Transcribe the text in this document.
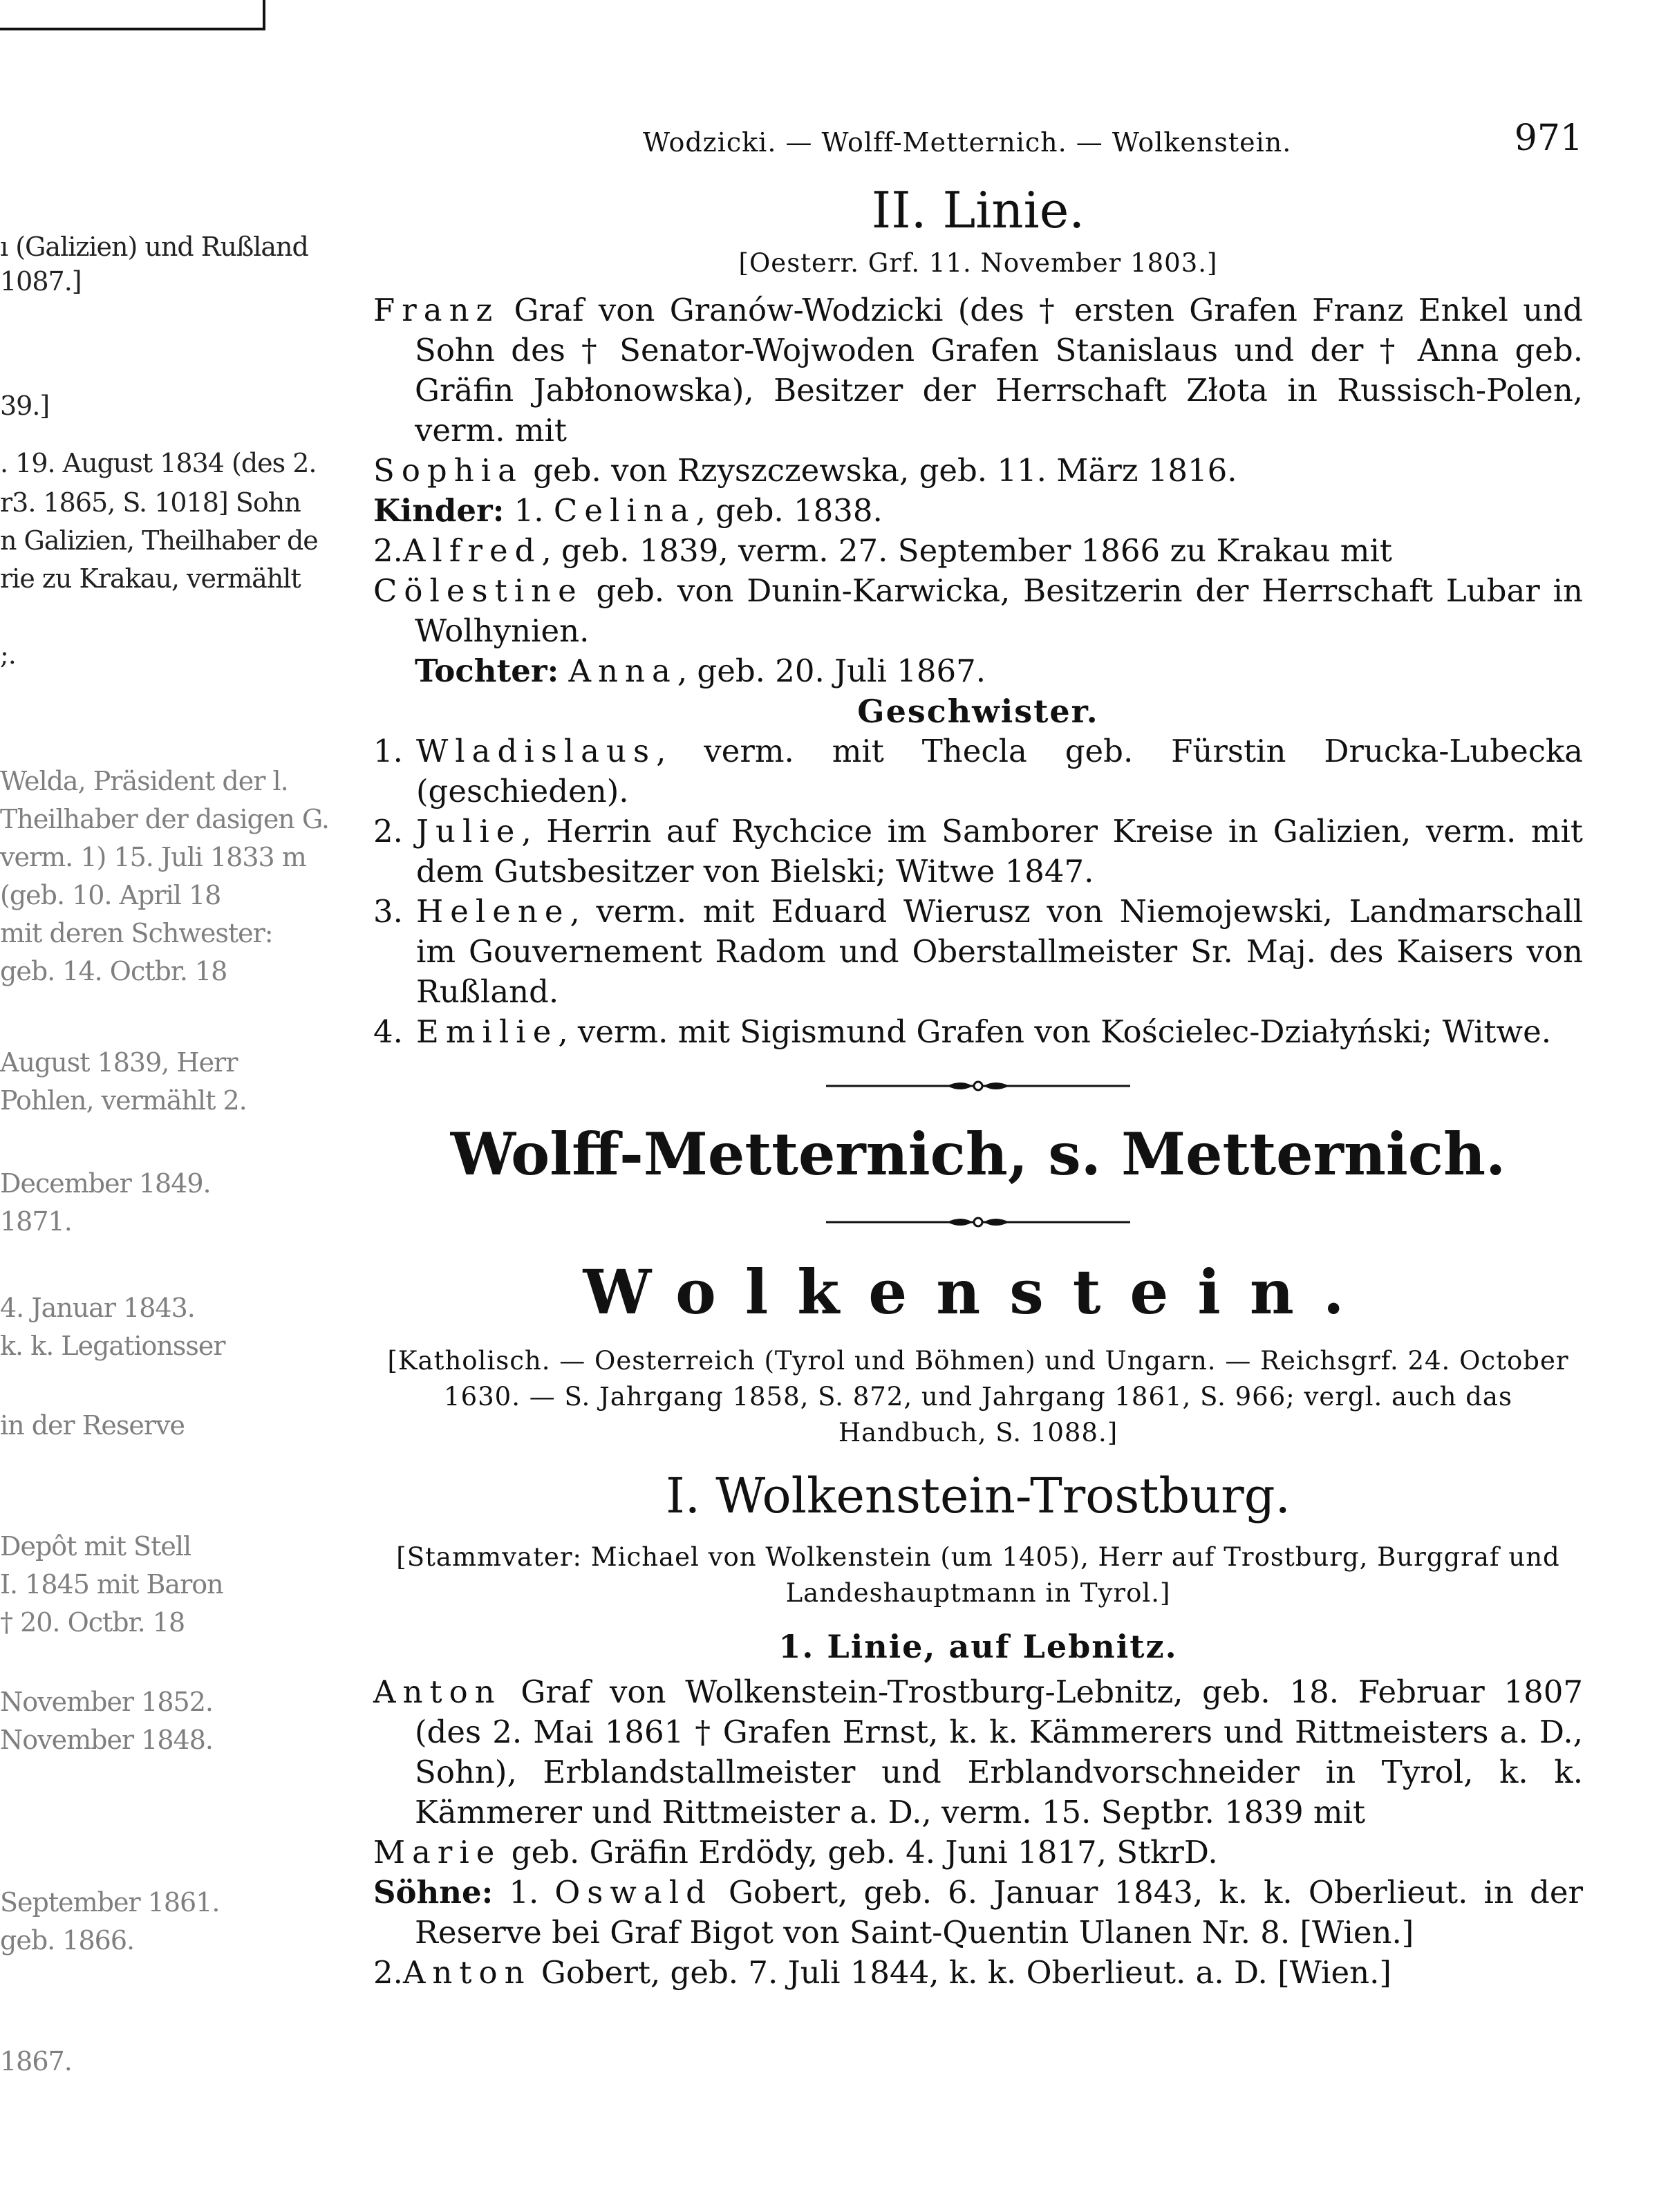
ı (Galizien) und Rußland
1087.]
39.]
. 19. August 1834 (des 2.
r3. 1865, S. 1018] Sohn
n Galizien, Theilhaber de
rie zu Krakau, vermählt
;.
Welda, Präsident der l.
Theilhaber der dasigen G.
verm. 1) 15. Juli 1833 m
(geb. 10. April 18
mit deren Schwester:
geb. 14. Octbr. 18
August 1839, Herr
Pohlen, vermählt 2.
December 1849.
1871.
4. Januar 1843.
k. k. Legationsser
in der Reserve
Depôt mit Stell
I. 1845 mit Baron
† 20. Octbr. 18
November 1852.
November 1848.
September 1861.
geb. 1866.
1867.
Wodzicki. — Wolff-Metternich. — Wolkenstein.	971
II. Linie.
[Oesterr. Grf. 11. November 1803.]

Franz Graf von Granów-Wodzicki (des † ersten Grafen Franz Enkel und Sohn des † Senator-Wojwoden Grafen Stanislaus und der † Anna geb. Gräfin Jabłonowska), Besitzer der Herrschaft Złota in Russisch-Polen, verm. mit

Sophia geb. von Rzyszczewska, geb. 11. März 1816.

Kinder: 1. Celina, geb. 1838.

2.Alfred, geb. 1839, verm. 27. September 1866 zu Krakau mit

Cölestine geb. von Dunin-Karwicka, Besitzerin der Herrschaft Lubar in Wolhynien.

Tochter: Anna, geb. 20. Juli 1867.

Geschwister.
1. Wladislaus, verm. mit Thecla geb. Fürstin Drucka-Lubecka (geschieden).
2. Julie, Herrin auf Rychcice im Samborer Kreise in Galizien, verm. mit dem Gutsbesitzer von Bielski; Witwe 1847.
3. Helene, verm. mit Eduard Wierusz von Niemojewski, Landmarschall im Gouvernement Radom und Oberstallmeister Sr. Maj. des Kaisers von Rußland.
4. Emilie, verm. mit Sigismund Grafen von Kościelec-Działyński; Witwe.
Wolff-Metternich, s. Metternich.
Wolkenstein.
[Katholisch. — Oesterreich (Tyrol und Böhmen) und Ungarn. — Reichsgrf. 24. October 1630. — S. Jahrgang 1858, S. 872, und Jahrgang 1861, S. 966; vergl. auch das Handbuch, S. 1088.]
I. Wolkenstein-Trostburg.
[Stammvater: Michael von Wolkenstein (um 1405), Herr auf Trostburg, Burggraf und Landeshauptmann in Tyrol.]
1. Linie, auf Lebnitz.

Anton Graf von Wolkenstein-Trostburg-Lebnitz, geb. 18. Februar 1807 (des 2. Mai 1861 † Grafen Ernst, k. k. Kämmerers und Rittmeisters a. D., Sohn), Erblandstallmeister und Erblandvorschneider in Tyrol, k. k. Kämmerer und Rittmeister a. D., verm. 15. Septbr. 1839 mit

Marie geb. Gräfin Erdödy, geb. 4. Juni 1817, StkrD.

Söhne: 1. Oswald Gobert, geb. 6. Januar 1843, k. k. Oberlieut. in der Reserve bei Graf Bigot von Saint-Quentin Ulanen Nr. 8. [Wien.]

2.Anton Gobert, geb. 7. Juli 1844, k. k. Oberlieut. a. D. [Wien.]
